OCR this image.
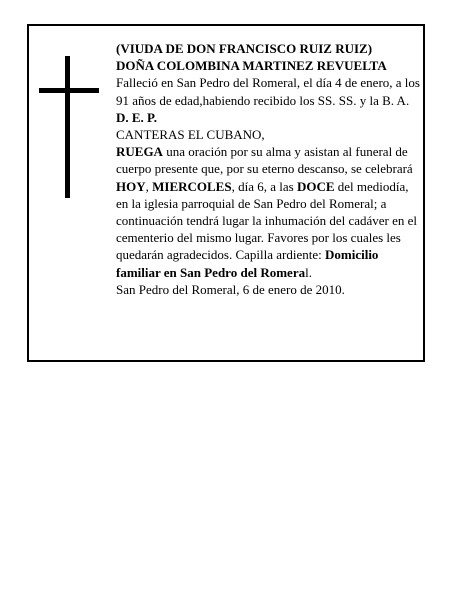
(VIUDA DE DON FRANCISCO RUIZ RUIZ)

DOÑA COLOMBINA MARTINEZ REVUELTA

Falleció en San Pedro del Romeral, el día 4 de enero, a los 91 años de edad,habiendo recibido los SS. SS. y la B. A.

D. E. P.

CANTERAS EL CUBANO,

RUEGA una oración por su alma y asistan al funeral de cuerpo presente que, por su eterno descanso, se celebrará HOY, MIERCOLES, día 6, a las DOCE del mediodía, en la iglesia parroquial de San Pedro del Romeral; a continuación tendrá lugar la inhumación del cadáver en el cementerio del mismo lugar. Favores por los cuales les quedarán agradecidos. Capilla ardiente: Domicilio familiar en San Pedro del Romeral.

San Pedro del Romeral, 6 de enero de 2010.
